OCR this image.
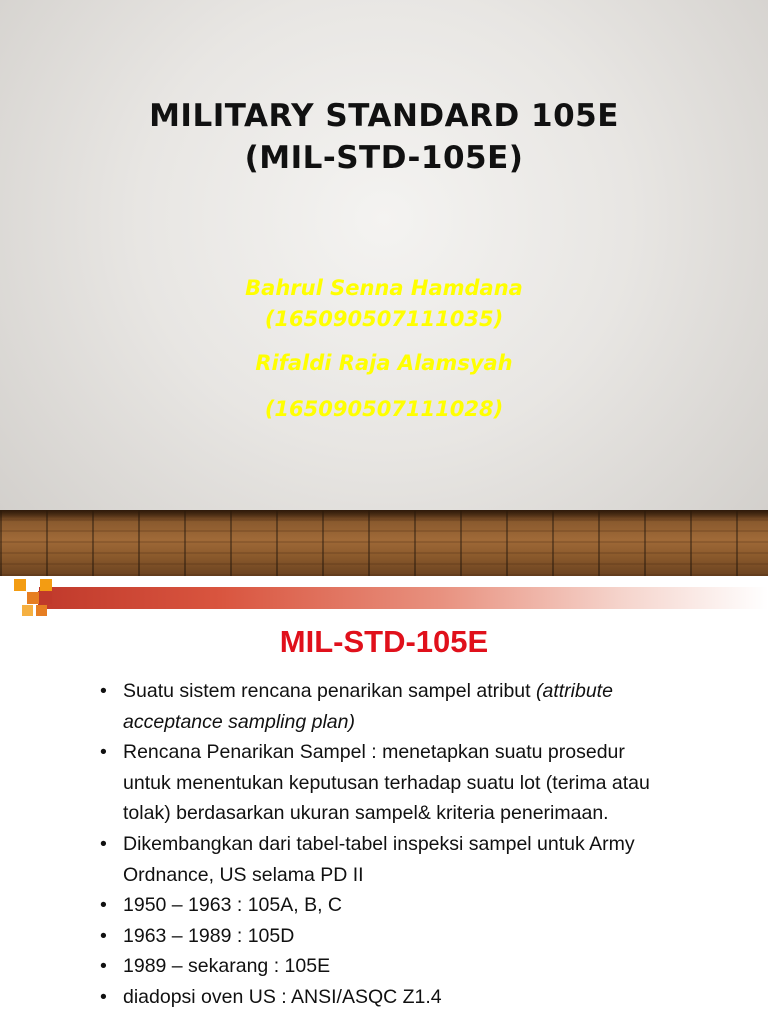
MILITARY STANDARD 105E
(MIL-STD-105E)
Bahrul Senna Hamdana
(165090507111035)
Rifaldi Raja Alamsyah
(165090507111028)
MIL-STD-105E
• Suatu sistem rencana penarikan sampel atribut (attribute acceptance sampling plan)
• Rencana Penarikan Sampel : menetapkan suatu prosedur untuk menentukan keputusan terhadap suatu lot (terima atau tolak) berdasarkan ukuran sampel& kriteria penerimaan.
• Dikembangkan dari tabel-tabel inspeksi sampel untuk Army Ordnance, US selama PD II
• 1950 – 1963 : 105A, B, C
• 1963 – 1989 : 105D
• 1989 – sekarang : 105E
• diadopsi oven US : ANSI/ASQC Z1.4
